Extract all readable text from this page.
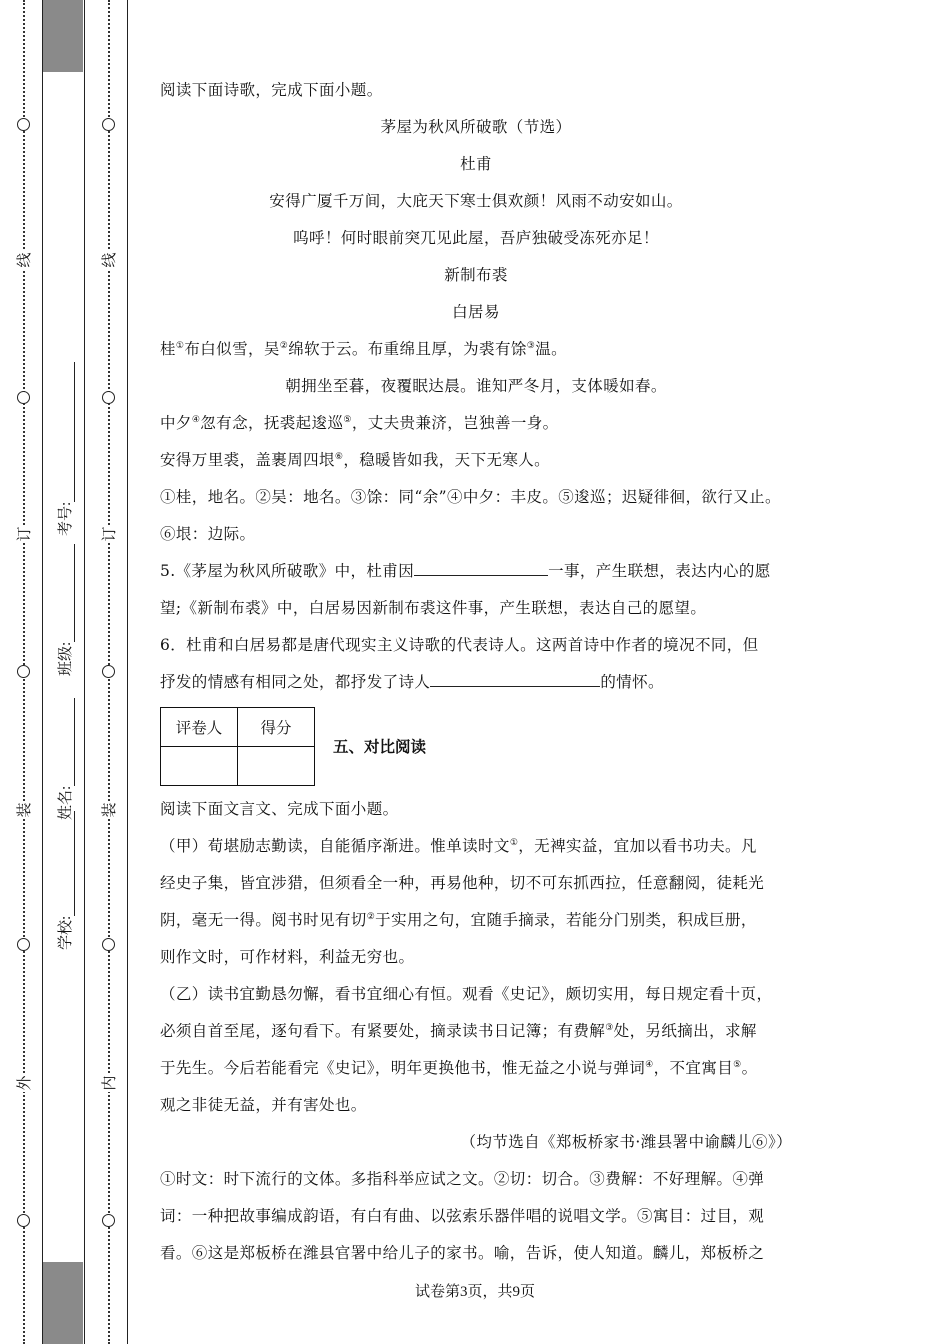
线
订
装
外
线
订
装
内
学校:
姓名:
班级:
考号:

阅读下面诗歌，完成下面小题。

茅屋为秋风所破歌（节选）

杜甫

安得广厦千万间，大庇天下寒士俱欢颜！风雨不动安如山。

呜呼！何时眼前突兀见此屋，吾庐独破受冻死亦足！

新制布裘

白居易

桂①布白似雪，吴②绵软于云。布重绵且厚，为裘有馀③温。

朝拥坐至暮，夜覆眠达晨。谁知严冬月，支体暖如春。

中夕④忽有念，抚裘起逡巡⑤，丈夫贵兼济，岂独善一身。

安得万里裘，盖裹周四垠⑥，稳暖皆如我，天下无寒人。

①桂，地名。②吴：地名。③馀：同“余”④中夕：丰皮。⑤逡巡；迟疑徘徊，欲行又止。

⑥垠：边际。

5.《茅屋为秋风所破歌》中，杜甫因	一事，产生联想，表达内心的愿

望;《新制布裘》中，白居易因新制布裘这件事，产生联想，表达自己的愿望。

6．杜甫和白居易都是唐代现实主义诗歌的代表诗人。这两首诗中作者的境况不同，但

抒发的情感有相同之处，都抒发了诗人	的情怀。

评卷人	得分

五、对比阅读

阅读下面文言文、完成下面小题。

（甲）荀堪励志勤读，自能循序渐进。惟单读时文①，无裨实益，宜加以看书功夫。凡

经史子集，皆宜涉猎，但须看全一种，再易他种，切不可东抓西拉，任意翻阅，徒耗光

阴，毫无一得。阅书时见有切②于实用之句，宜随手摘录，若能分门别类，积成巨册，

则作文时，可作材料，利益无穷也。

（乙）读书宜勤恳勿懈，看书宜细心有恒。观看《史记》，颇切实用，每日规定看十页，

必须自首至尾，逐句看下。有紧要处，摘录读书日记簿；有费解③处，另纸摘出，求解

于先生。今后若能看完《史记》，明年更换他书，惟无益之小说与弹词④，不宜寓目⑤。

观之非徒无益，并有害处也。

（均节选自《郑板桥家书·潍县署中谕麟儿⑥》）

①时文：时下流行的文体。多指科举应试之文。②切：切合。③费解：不好理解。④弹

词：一种把故事编成韵语，有白有曲、以弦索乐器伴唱的说唱文学。⑤寓目：过目，观

看。⑥这是郑板桥在潍县官署中给儿子的家书。喻，告诉，使人知道。麟儿，郑板桥之

试卷第3页，共9页
